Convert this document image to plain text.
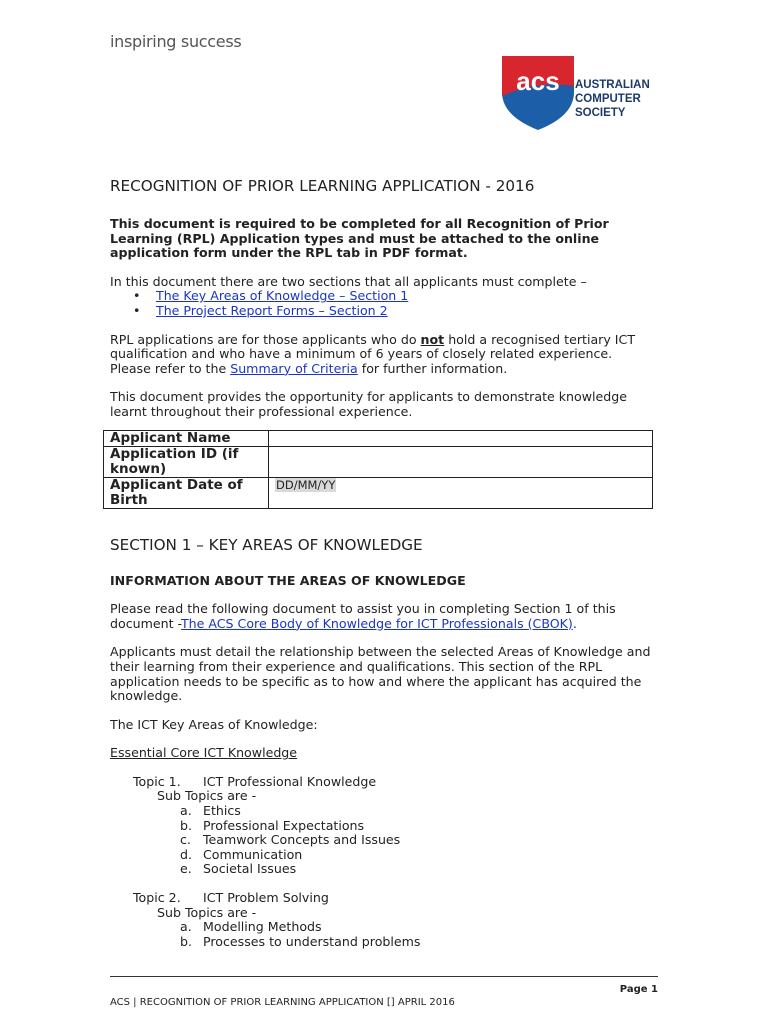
inspiring success
acs AUSTRALIAN
COMPUTER
SOCIETY
RECOGNITION OF PRIOR LEARNING APPLICATION - 2016

This document is required to be completed for all Recognition of Prior Learning (RPL) Application types and must be attached to the online application form under the RPL tab in PDF format.

In this document there are two sections that all applicants must complete –

• The Key Areas of Knowledge – Section 1
• The Project Report Forms – Section 2

RPL applications are for those applicants who do not hold a recognised tertiary ICT qualification and who have a minimum of 6 years of closely related experience. Please refer to the Summary of Criteria for further information.

This document provides the opportunity for applicants to demonstrate knowledge learnt throughout their professional experience.

Applicant Name	
Application ID (if known)	
Applicant Date of Birth	DD/MM/YY
SECTION 1 – KEY AREAS OF KNOWLEDGE

INFORMATION ABOUT THE AREAS OF KNOWLEDGE

Please read the following document to assist you in completing Section 1 of this document -The ACS Core Body of Knowledge for ICT Professionals (CBOK).

Applicants must detail the relationship between the selected Areas of Knowledge and their learning from their experience and qualifications. This section of the RPL application needs to be specific as to how and where the applicant has acquired the knowledge.

The ICT Key Areas of Knowledge:

Essential Core ICT Knowledge

Topic 1. ICT Professional Knowledge

Sub Topics are -

a. Ethics
b. Professional Expectations
c. Teamwork Concepts and Issues
d. Communication
e. Societal Issues

Topic 2. ICT Problem Solving

Sub Topics are -

a. Modelling Methods
b. Processes to understand problems
Page 1
ACS | RECOGNITION OF PRIOR LEARNING APPLICATION [] APRIL 2016
